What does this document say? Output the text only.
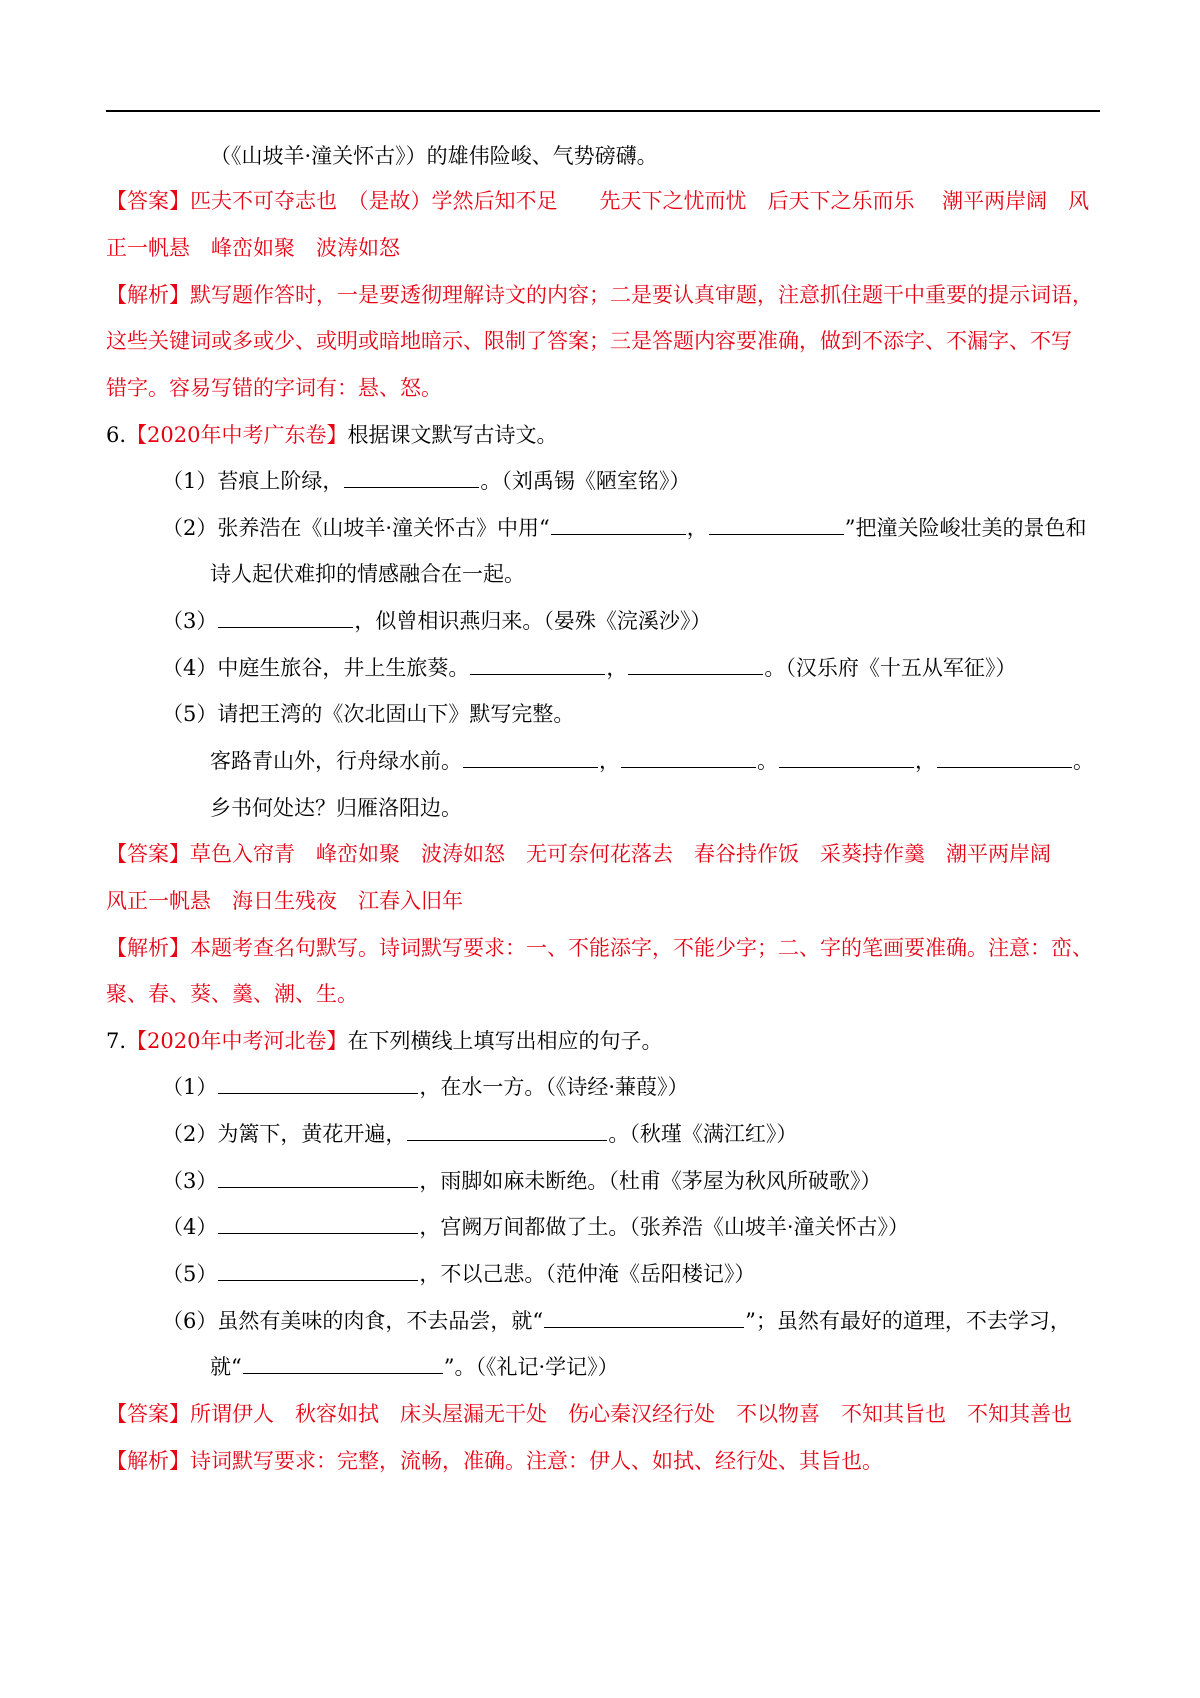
（《山坡羊·潼关怀古》）的雄伟险峻、气势磅礴。
【答案】匹夫不可夺志也　（是故）学然后知不足　　先天下之忧而忧　后天下之乐而乐　 潮平两岸阔　风
正一帆悬　峰峦如聚　波涛如怒
【解析】默写题作答时，一是要透彻理解诗文的内容；二是要认真审题，注意抓住题干中重要的提示词语，
这些关键词或多或少、或明或暗地暗示、限制了答案；三是答题内容要准确，做到不添字、不漏字、不写
错字。容易写错的字词有：悬、怒。
6.【2020年中考广东卷】根据课文默写古诗文。
（1）苔痕上阶绿，	。（刘禹锡《陋室铭》）
（2）张养浩在《山坡羊·潼关怀古》中用“	，	”把潼关险峻壮美的景色和
诗人起伏难抑的情感融合在一起。
（3）	，似曾相识燕归来。（晏殊《浣溪沙》）
（4）中庭生旅谷，井上生旅葵。	，	。（汉乐府《十五从军征》）
（5）请把王湾的《次北固山下》默写完整。
客路青山外，行舟绿水前。	，	。	，	。
乡书何处达？归雁洛阳边。
【答案】草色入帘青　峰峦如聚　波涛如怒　无可奈何花落去　春谷持作饭　采葵持作羹　潮平两岸阔
风正一帆悬　海日生残夜　江春入旧年
【解析】本题考查名句默写。诗词默写要求：一、不能添字，不能少字；二、字的笔画要准确。注意：峦、
聚、春、葵、羹、潮、生。
7.【2020年中考河北卷】在下列横线上填写出相应的句子。
（1）	，在水一方。（《诗经·蒹葭》）
（2）为篱下，黄花开遍，	。（秋瑾《满江红》）
（3）	，雨脚如麻未断绝。（杜甫《茅屋为秋风所破歌》）
（4）	，宫阙万间都做了土。（张养浩《山坡羊·潼关怀古》）
（5）	，不以己悲。（范仲淹《岳阳楼记》）
（6）虽然有美味的肉食，不去品尝，就“	”；虽然有最好的道理，不去学习，
就“	”。（《礼记·学记》）
【答案】所谓伊人　秋容如拭　床头屋漏无干处　伤心秦汉经行处　不以物喜　不知其旨也　不知其善也
【解析】诗词默写要求：完整，流畅，准确。注意：伊人、如拭、经行处、其旨也。
